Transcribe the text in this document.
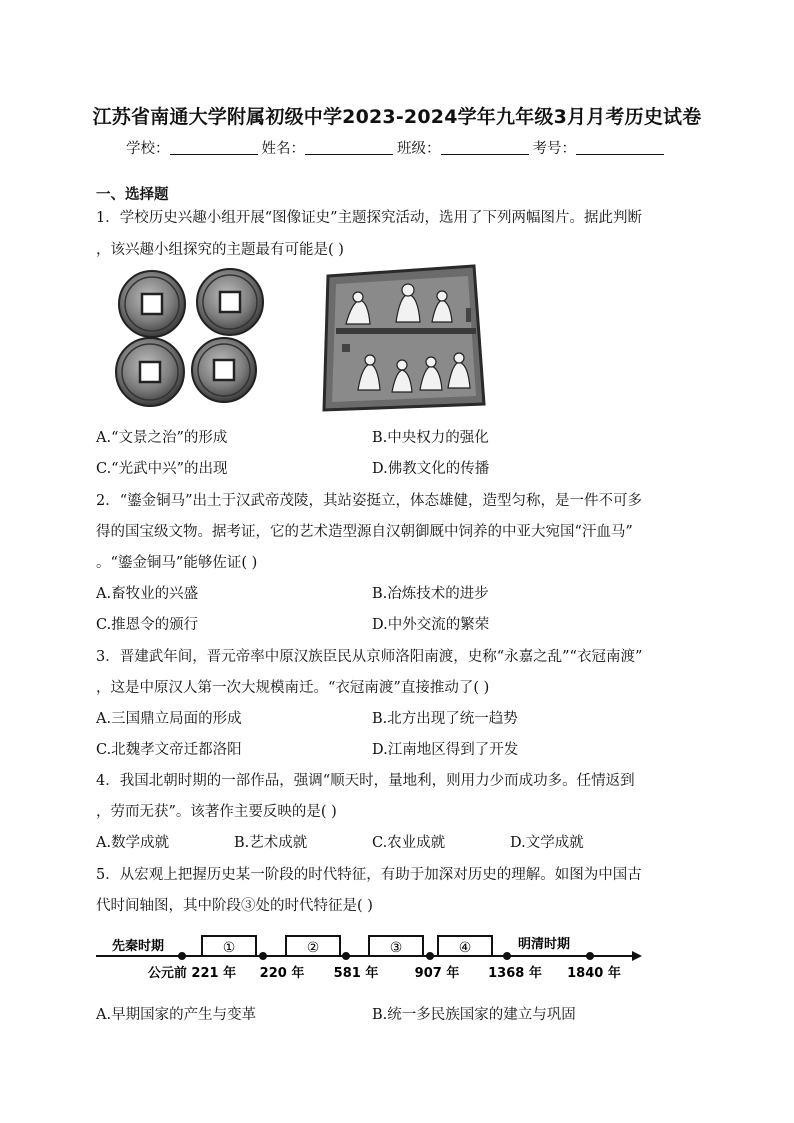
江苏省南通大学附属初级中学2023-2024学年九年级3月月考历史试卷
学校：	姓名：	班级：	考号：
一、选择题
1．学校历史兴趣小组开展“图像证史”主题探究活动，选用了下列两幅图片。据此判断
，该兴趣小组探究的主题最有可能是( )
A.“文景之治”的形成	B.中央权力的强化
C.“光武中兴”的出现	D.佛教文化的传播
2．“鎏金铜马”出土于汉武帝茂陵，其站姿挺立，体态雄健，造型匀称，是一件不可多
得的国宝级文物。据考证，它的艺术造型源自汉朝御厩中饲养的中亚大宛国“汗血马”
。“鎏金铜马”能够佐证( )
A.畜牧业的兴盛	B.冶炼技术的进步
C.推恩令的颁行	D.中外交流的繁荣
3．晋建武年间，晋元帝率中原汉族臣民从京师洛阳南渡，史称“永嘉之乱”“衣冠南渡”
，这是中原汉人第一次大规模南迁。“衣冠南渡”直接推动了( )
A.三国鼎立局面的形成	B.北方出现了统一趋势
C.北魏孝文帝迁都洛阳	D.江南地区得到了开发
4．我国北朝时期的一部作品，强调“顺天时，量地利，则用力少而成功多。任情返到
，劳而无获”。该著作主要反映的是( )
A.数学成就	B.艺术成就	C.农业成就	D.文学成就
5．从宏观上把握历史某一阶段的时代特征，有助于加深对历史的理解。如图为中国古
代时间轴图，其中阶段③处的时代特征是( )
先秦时期	明清时期
①	②	③	④
公元前 221 年 220 年 581 年	907 年 1368 年 1840 年
A.早期国家的产生与变革	B.统一多民族国家的建立与巩固
